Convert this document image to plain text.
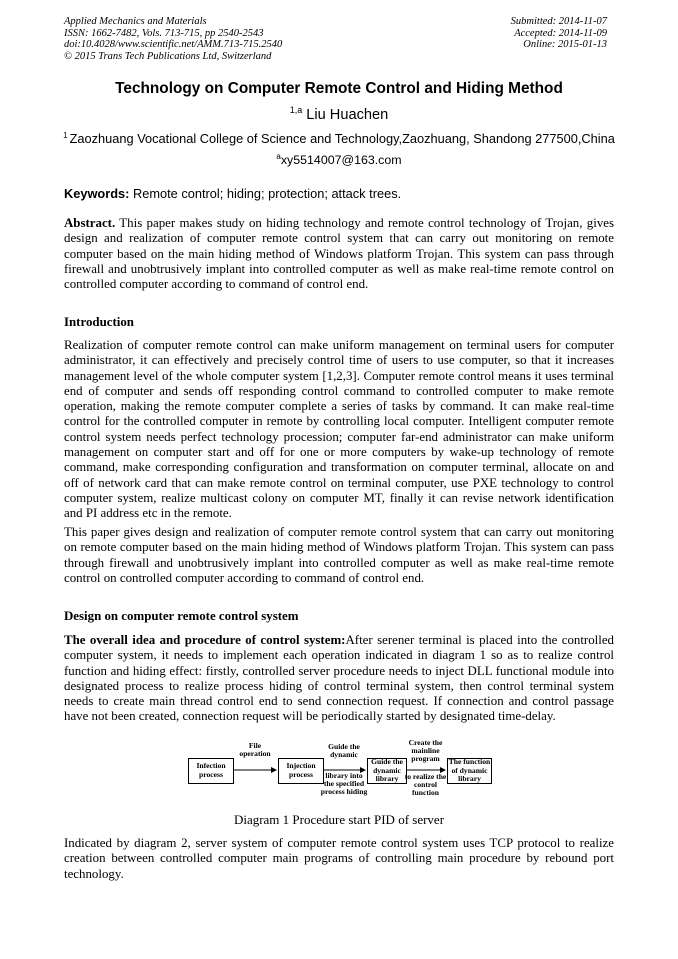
Applied Mechanics and Materials
ISSN: 1662-7482, Vols. 713-715, pp 2540-2543
doi:10.4028/www.scientific.net/AMM.713-715.2540
© 2015 Trans Tech Publications Ltd, Switzerland
Submitted: 2014-11-07
Accepted: 2014-11-09
Online: 2015-01-13
Technology on Computer Remote Control and Hiding Method
$^{1,a}$ Liu Huachen
$^1$ Zaozhuang Vocational College of Science and Technology,Zaozhuang, Shandong 277500,China
$^a$xy5514007@163.com
Keywords: Remote control; hiding; protection; attack trees.
Abstract. This paper makes study on hiding technology and remote control technology of Trojan, gives design and realization of computer remote control system that can carry out monitoring on remote computer based on the main hiding method of Windows platform Trojan. This system can pass through firewall and unobtrusively implant into controlled computer as well as make real-time remote control on controlled computer according to command of control end.
Introduction
Realization of computer remote control can make uniform management on terminal users for computer administrator, it can effectively and precisely control time of users to use computer, so that it increases management level of the whole computer system [1,2,3]. Computer remote control means it uses terminal end of computer and sends off responding control command to controlled computer to make remote operation, making the remote computer complete a series of tasks by command. It can make real-time control for the controlled computer in remote by controlling local computer. Intelligent computer remote control system needs perfect technology procession; computer far-end administrator can make uniform management on computer start and off for one or more computers by wake-up technology of remote command, make corresponding configuration and transformation on computer terminal, allocate on and off of network card that can make remote control on terminal computer, use PXE technology to control computer system, realize multicast colony on computer MT, finally it can revise network identification and PI address etc in the remote.
This paper gives design and realization of computer remote control system that can carry out monitoring on remote computer based on the main hiding method of Windows platform Trojan. This system can pass through firewall and unobtrusively implant into controlled computer as well as make real-time remote control on controlled computer according to command of control end.
Design on computer remote control system
The overall idea and procedure of control system:After serener terminal is placed into the controlled computer system, it needs to implement each operation indicated in diagram 1 so as to realize control function and hiding effect: firstly, controlled server procedure needs to inject DLL functional module into designated process to realize process hiding of control terminal system, then control terminal system needs to create main thread control end to send connection request. If connection and control passage have not been created, connection request will be periodically started by designated time-delay.
Infection process
File operation
Injection process
Guide the dynamic
library into the specified process hiding
Guide the dynamic library
Create the mainline program
to realize the control function
The function of dynamic library
Diagram 1 Procedure start PID of server
Indicated by diagram 2, server system of computer remote control system uses TCP protocol to realize creation between controlled computer main programs of controlling main procedure by rebound port technology.
